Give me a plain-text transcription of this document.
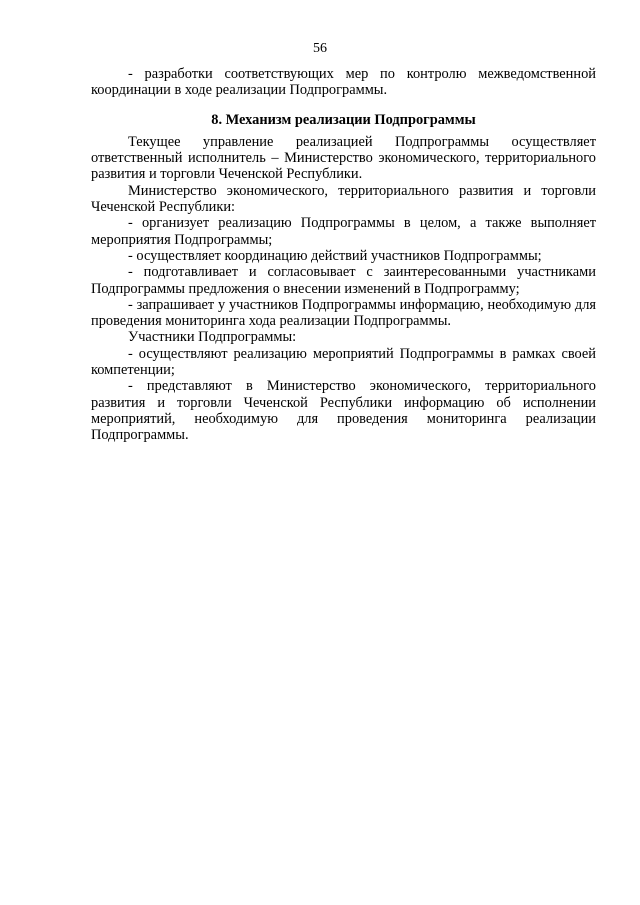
56

- разработки соответствующих мер по контролю межведомственной координации в ходе реализации Подпрограммы.

8. Механизм реализации Подпрограммы

Текущее управление реализацией Подпрограммы осуществляет ответственный исполнитель – Министерство экономического, территориального развития и торговли Чеченской Республики.

Министерство экономического, территориального развития и торговли Чеченской Республики:

- организует реализацию Подпрограммы в целом, а также выполняет мероприятия Подпрограммы;

- осуществляет координацию действий участников Подпрограммы;

- подготавливает и согласовывает с заинтересованными участниками Подпрограммы предложения о внесении изменений в Подпрограмму;

- запрашивает у участников Подпрограммы информацию, необходимую для проведения мониторинга хода реализации Подпрограммы.

Участники Подпрограммы:

- осуществляют реализацию мероприятий Подпрограммы в рамках своей компетенции;

- представляют в Министерство экономического, территориального развития и торговли Чеченской Республики информацию об исполнении мероприятий, необходимую для проведения мониторинга реализации Подпрограммы.
